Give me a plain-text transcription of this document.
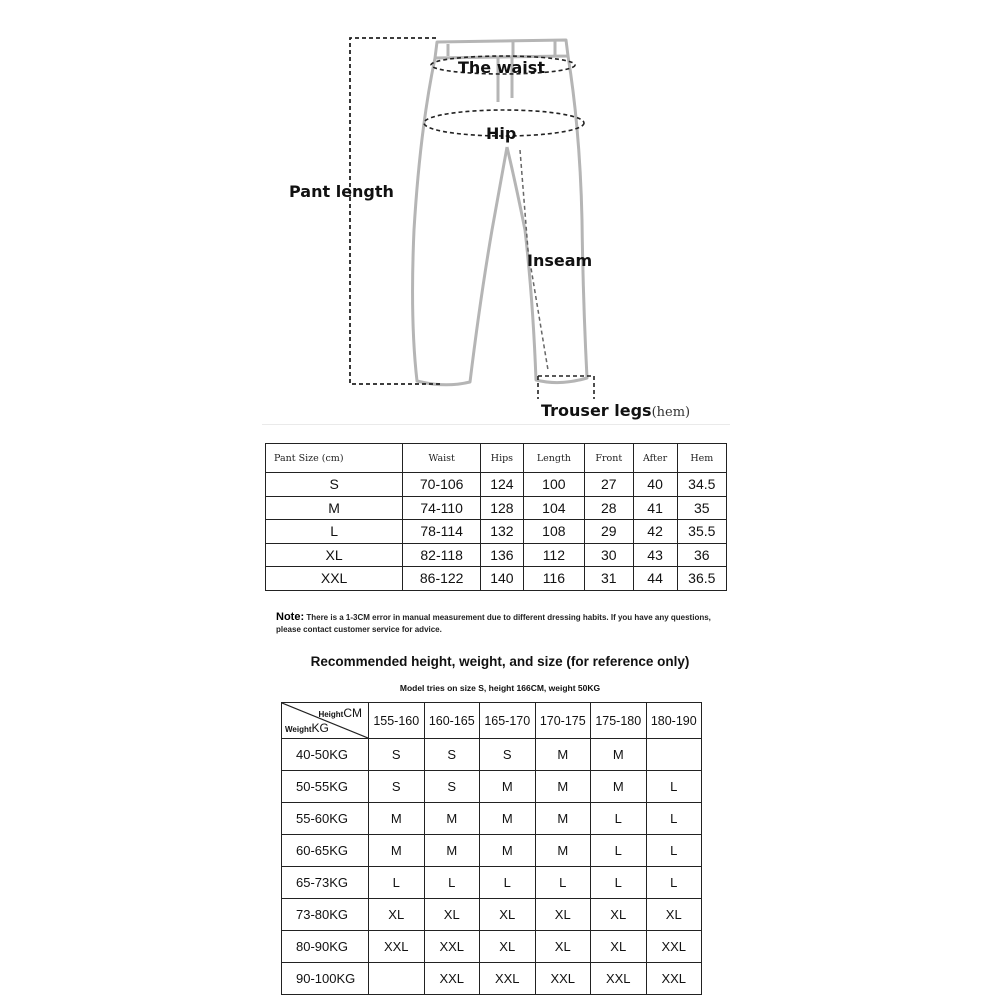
The waist
Hip
Pant length
Inseam
Trouser legs(hem)
Pant Size (cm)	Waist	Hips	Length	Front	After	Hem
S	70-106	124	100	27	40	34.5
M	74-110	128	104	28	41	35
L	78-114	132	108	29	42	35.5
XL	82-118	136	112	30	43	36
XXL	86-122	140	116	31	44	36.5
Note: There is a 1-3CM error in manual measurement due to different dressing habits. If you have any questions, please contact customer service for advice.
Recommended height, weight, and size (for reference only)
Model tries on size S, height 166CM, weight 50KG
HeightCM
WeightKG	155-160	160-165	165-170	170-175	175-180	180-190
40-50KG	S	S	S	M	M	
50-55KG	S	S	M	M	M	L
55-60KG	M	M	M	M	L	L
60-65KG	M	M	M	M	L	L
65-73KG	L	L	L	L	L	L
73-80KG	XL	XL	XL	XL	XL	XL
80-90KG	XXL	XXL	XL	XL	XL	XXL
90-100KG		XXL	XXL	XXL	XXL	XXL
